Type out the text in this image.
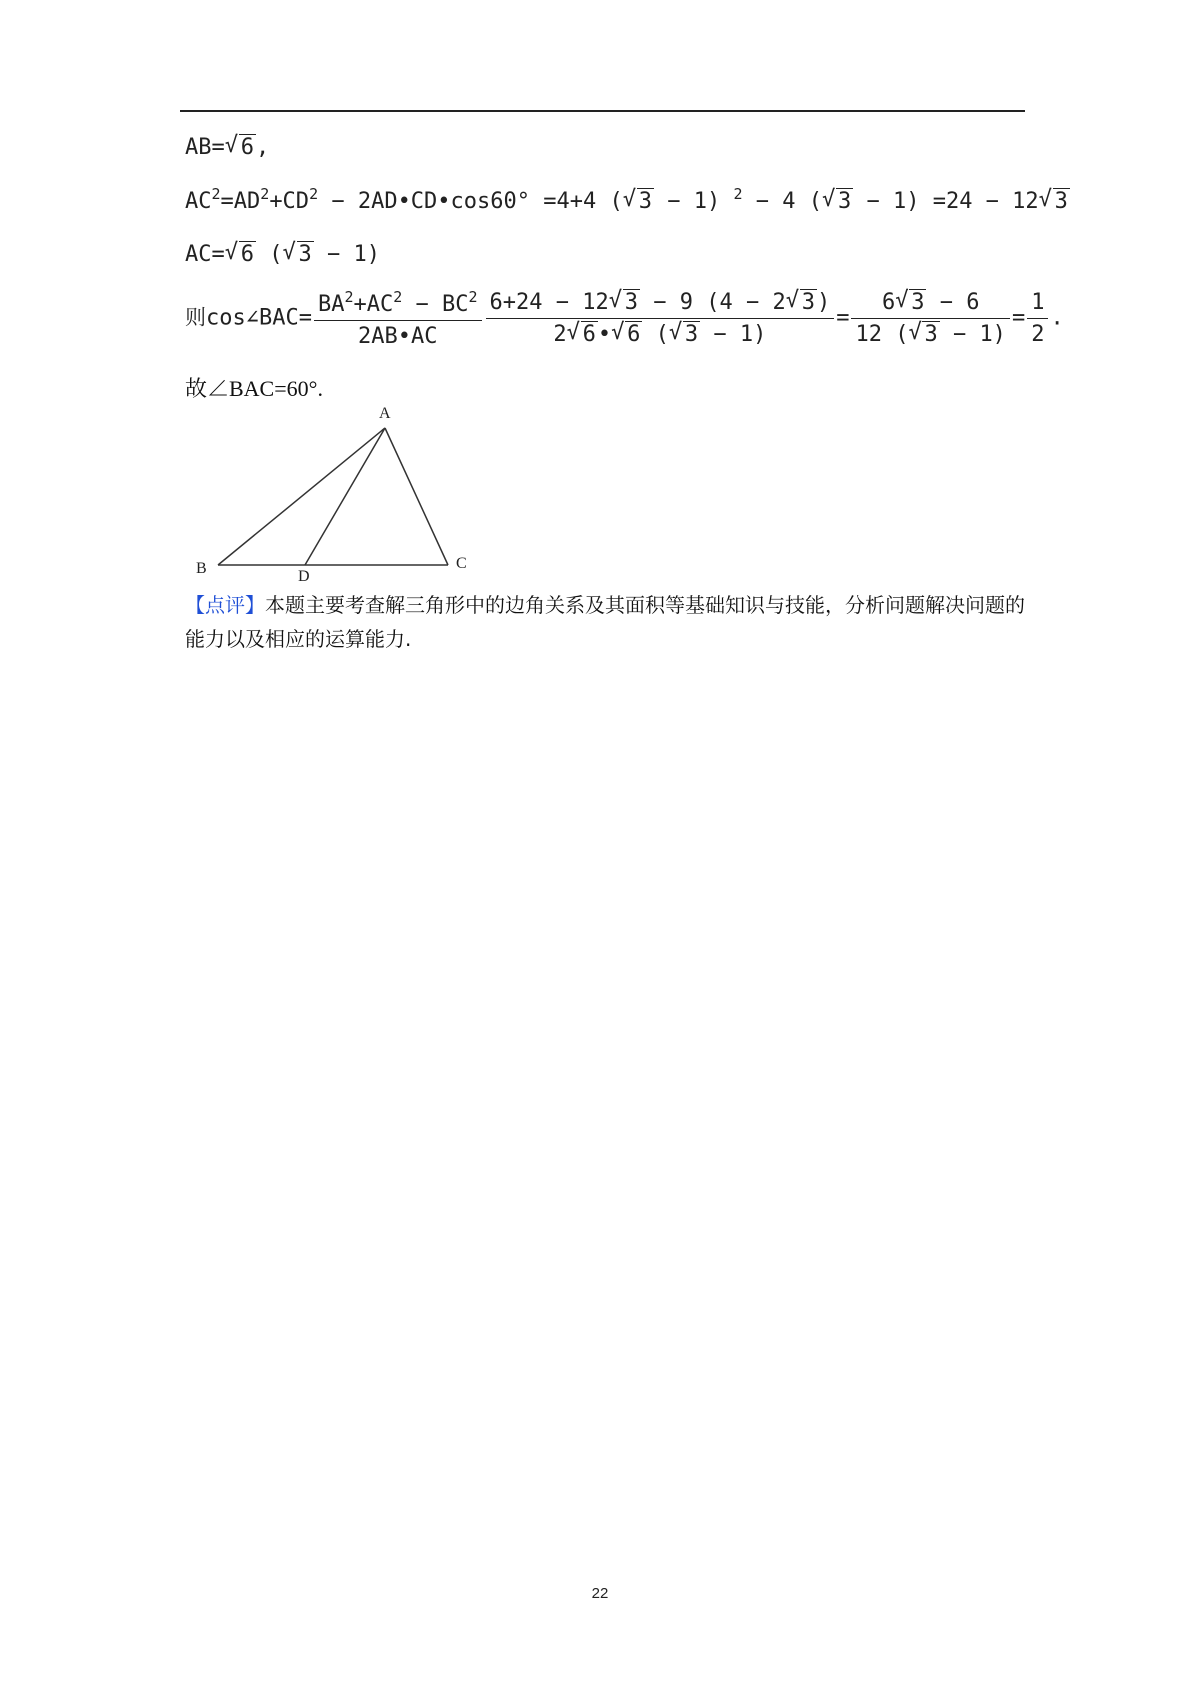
AB= √ 6,
$AC^2=AD^2+CD^2$ − 2AD•CD•cos60° =4+4 ( √ 3 − 1) $^2$ − 4 ( √ 3 − 1) =24 − 12 √ 3
AC= √ 6 ( √ 3 − 1)
则cos∠BAC= $\frac{BA^2+AC^2 - BC^2}{2AB•AC} \frac{6+24 - 12 √ 3 - 9 (4 - 2 √ 3)}{2 √ 6• √ 6 ( √ 3 - 1)} = \frac{6 √ 3 - 6}{12 ( √ 3 - 1)} = \frac{1}{2}$ .
故∠BAC=60°.
A
B	C
D
【点评】本题主要考查解三角形中的边角关系及其面积等基础知识与技能，分析问题解决问题的能力以及相应的运算能力.
22
